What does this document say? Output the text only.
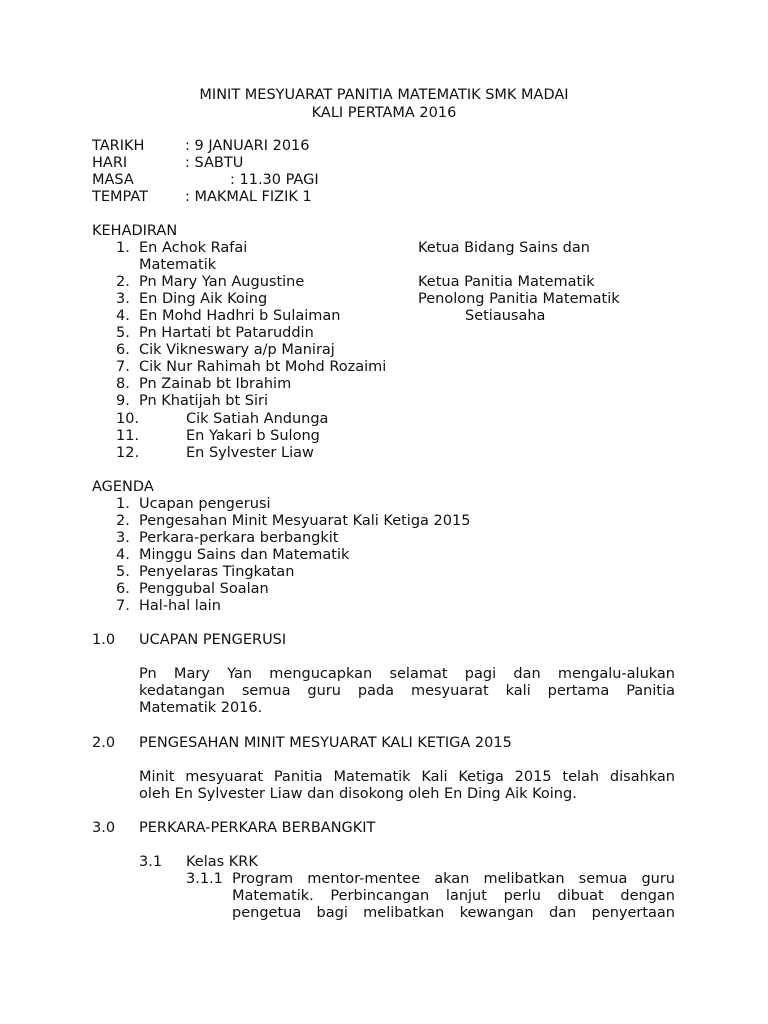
MINIT MESYUARAT PANITIA MATEMATIK SMK MADAI
KALI PERTAMA 2016
TARIKH	: 9 JANUARI 2016
HARI	: SABTU
MASA	: 11.30 PAGI
TEMPAT	: MAKMAL FIZIK 1
KEHADIRAN
1. En Achok Rafai	Ketua Bidang Sains dan
Matematik
2. Pn Mary Yan Augustine	Ketua Panitia Matematik
3. En Ding Aik Koing	Penolong Panitia Matematik
4. En Mohd Hadhri b Sulaiman	Setiausaha
5. Pn Hartati bt Pataruddin
6. Cik Vikneswary a/p Maniraj
7. Cik Nur Rahimah bt Mohd Rozaimi
8. Pn Zainab bt Ibrahim
9. Pn Khatijah bt Siri
10.	Cik Satiah Andunga
11.	En Yakari b Sulong
12.	En Sylvester Liaw
AGENDA
1. Ucapan pengerusi
2. Pengesahan Minit Mesyuarat Kali Ketiga 2015
3. Perkara-perkara berbangkit
4. Minggu Sains dan Matematik
5. Penyelaras Tingkatan
6. Penggubal Soalan
7. Hal-hal lain
1.0 UCAPAN PENGERUSI
Pn Mary Yan mengucapkan selamat pagi dan mengalu-alukan
kedatangan semua guru pada mesyuarat kali pertama Panitia
Matematik 2016.
2.0 PENGESAHAN MINIT MESYUARAT KALI KETIGA 2015
Minit mesyuarat Panitia Matematik Kali Ketiga 2015 telah disahkan
oleh En Sylvester Liaw dan disokong oleh En Ding Aik Koing.
3.0 PERKARA-PERKARA BERBANGKIT
3.1 Kelas KRK
3.1.1 Program mentor-mentee akan melibatkan semua guru
Matematik. Perbincangan lanjut perlu dibuat dengan
pengetua bagi melibatkan kewangan dan penyertaan
